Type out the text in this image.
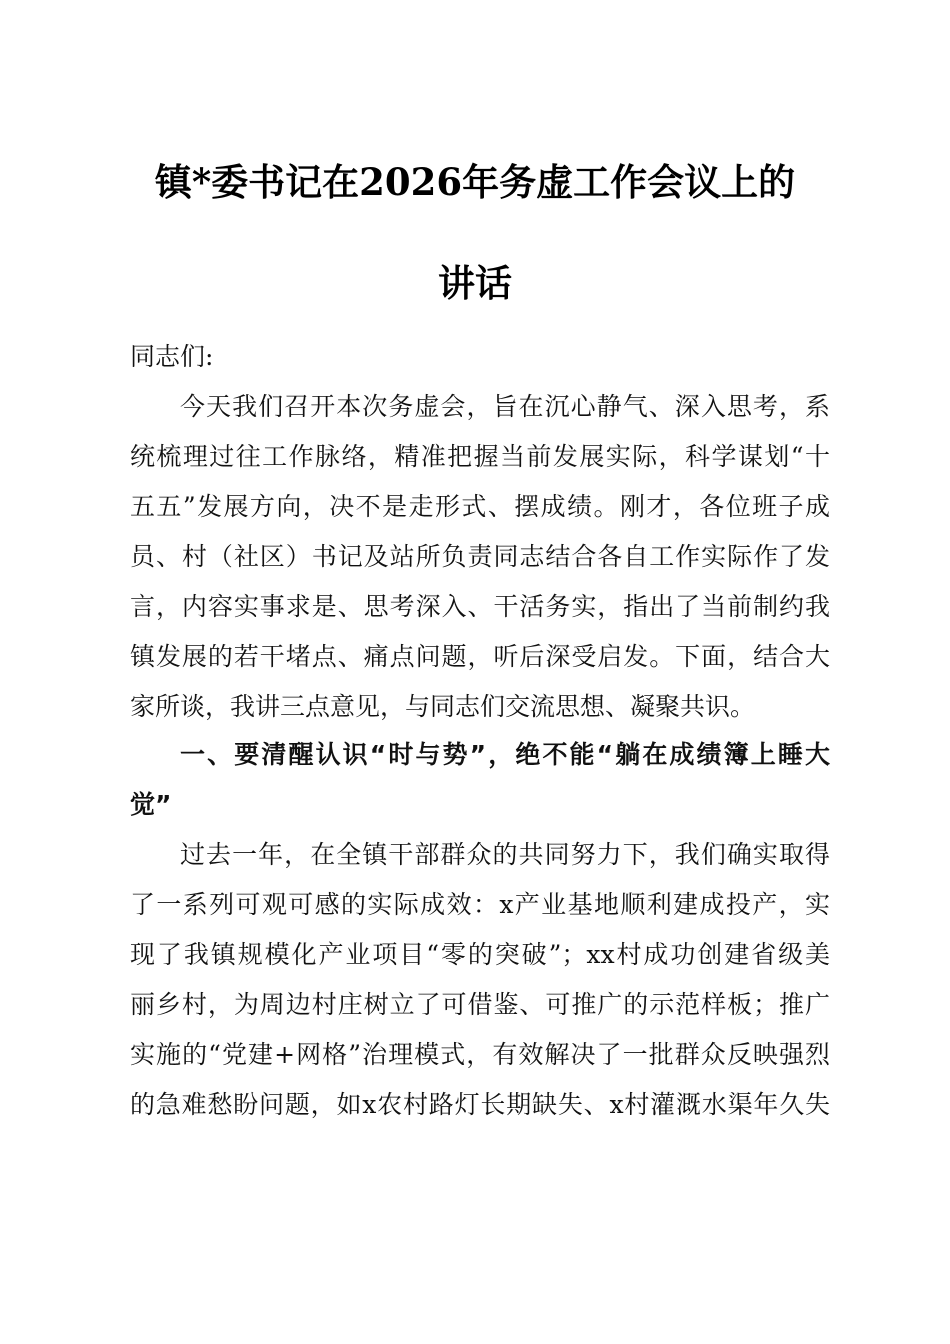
镇*委书记在2026年务虚工作会议上的
讲话
同志们:
今天我们召开本次务虚会，旨在沉心静气、深入思考，系
统梳理过往工作脉络，精准把握当前发展实际，科学谋划“十
五五”发展方向，决不是走形式、摆成绩。刚才，各位班子成
员、村（社区）书记及站所负责同志结合各自工作实际作了发
言，内容实事求是、思考深入、干活务实，指出了当前制约我
镇发展的若干堵点、痛点问题，听后深受启发。下面，结合大
家所谈，我讲三点意见，与同志们交流思想、凝聚共识。
一、要清醒认识“时与势”，绝不能“躺在成绩簿上睡大
觉”
过去一年，在全镇干部群众的共同努力下，我们确实取得
了一系列可观可感的实际成效：x产业基地顺利建成投产，实
现了我镇规模化产业项目“零的突破”；xx村成功创建省级美
丽乡村，为周边村庄树立了可借鉴、可推广的示范样板；推广
实施的“党建+网格”治理模式，有效解决了一批群众反映强烈
的急难愁盼问题，如x农村路灯长期缺失、x村灌溉水渠年久失
